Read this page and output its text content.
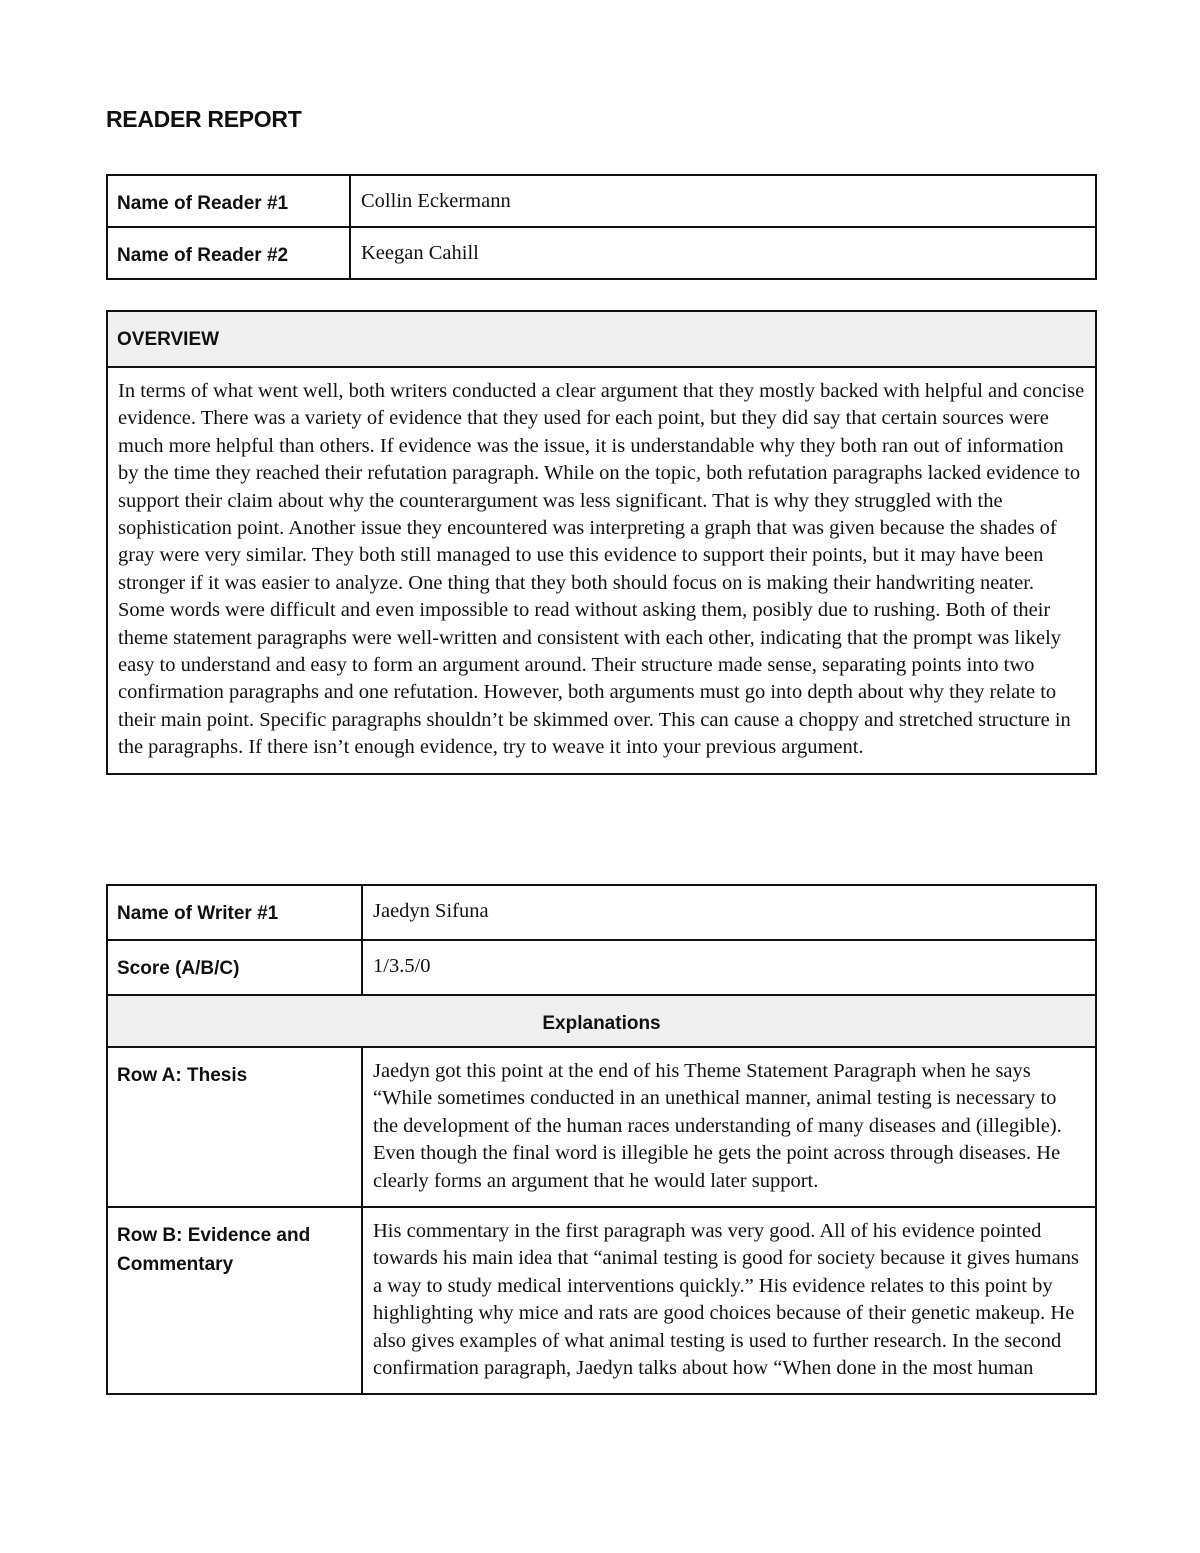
READER REPORT
Name of Reader #1	Collin Eckermann
Name of Reader #2	Keegan Cahill
OVERVIEW

In terms of what went well, both writers conducted a clear argument that they mostly backed with helpful and concise evidence. There was a variety of evidence that they used for each point, but they did say that certain sources were much more helpful than others. If evidence was the issue, it is understandable why they both ran out of information by the time they reached their refutation paragraph. While on the topic, both refutation paragraphs lacked evidence to support their claim about why the counterargument was less significant. That is why they struggled with the sophistication point. Another issue they encountered was interpreting a graph that was given because the shades of gray were very similar. They both still managed to use this evidence to support their points, but it may have been stronger if it was easier to analyze. One thing that they both should focus on is making their handwriting neater. Some words were difficult and even impossible to read without asking them, posibly due to rushing. Both of their theme statement paragraphs were well-written and consistent with each other, indicating that the prompt was likely easy to understand and easy to form an argument around. Their structure made sense, separating points into two confirmation paragraphs and one refutation. However, both arguments must go into depth about why they relate to their main point. Specific paragraphs shouldn’t be skimmed over. This can cause a choppy and stretched structure in the paragraphs. If there isn’t enough evidence, try to weave it into your previous argument.

Name of Writer #1	Jaedyn Sifuna
Score (A/B/C)	1/3.5/0
Explanations	
Row A: Thesis	Jaedyn got this point at the end of his Theme Statement Paragraph when he says “While sometimes conducted in an unethical manner, animal testing is necessary to the development of the human races understanding of many diseases and (illegible). Even though the final word is illegible he gets the point across through diseases. He clearly forms an argument that he would later support.

Row B: Evidence and Commentary	His commentary in the first paragraph was very good. All of his evidence pointed towards his main idea that “animal testing is good for society because it gives humans a way to study medical interventions quickly.” His evidence relates to this point by highlighting why mice and rats are good choices because of their genetic makeup. He also gives examples of what animal testing is used to further research. In the second confirmation paragraph, Jaedyn talks about how “When done in the most human
